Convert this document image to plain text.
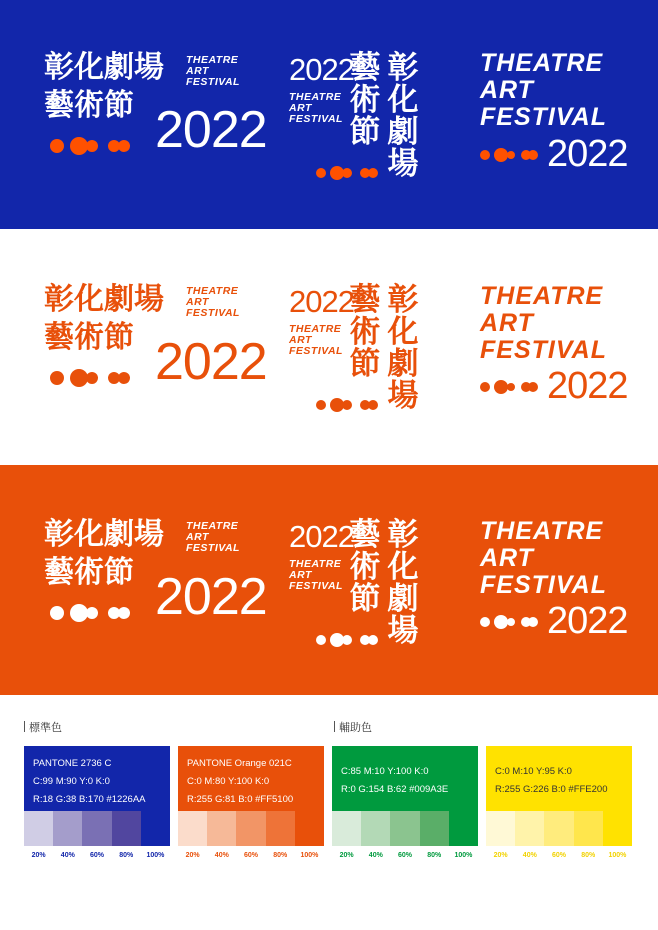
彰化劇場 THEATRE
ART
FESTIVAL
藝術節 2022
2022
THEATRE
ART
FESTIVAL
藝
術
節
彰
化
劇
場
THEATRE
ART
FESTIVAL
2022
彰化劇場 THEATRE
ART
FESTIVAL
藝術節 2022
2022
THEATRE
ART
FESTIVAL
藝
術
節
彰
化
劇
場
THEATRE
ART
FESTIVAL
2022
彰化劇場 THEATRE
ART
FESTIVAL
藝術節 2022
2022
THEATRE
ART
FESTIVAL
藝
術
節
彰
化
劇
場
THEATRE
ART
FESTIVAL
2022
標準色	輔助色
PANTONE 2736 C
C:99 M:90 Y:0 K:0
R:18 G:38 B:170 #1226AA
20%	40%	60%	80%	100%
PANTONE Orange 021C
C:0 M:80 Y:100 K:0
R:255 G:81 B:0 #FF5100
20%	40%	60%	80%	100%
C:85 M:10 Y:100 K:0
R:0 G:154 B:62 #009A3E
20%	40%	60%	80%	100%
C:0 M:10 Y:95 K:0
R:255 G:226 B:0 #FFE200
20%	40%	60%	80%	100%
